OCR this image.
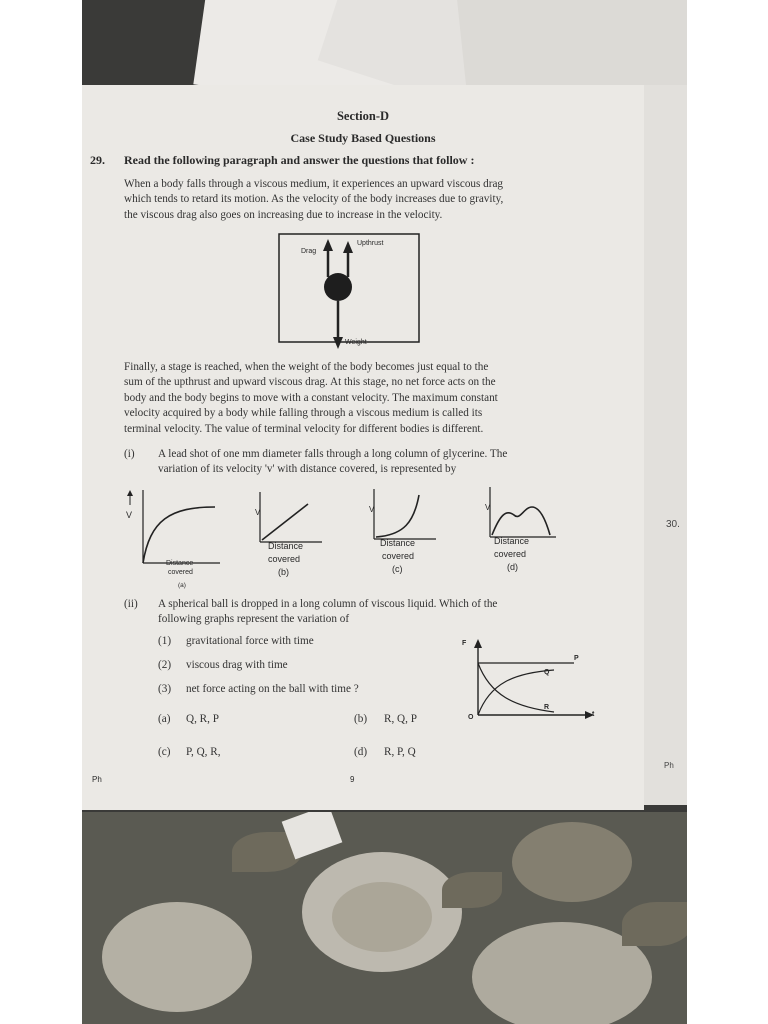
30.
Ph
Section-D
Case Study Based Questions
29. Read the following paragraph and answer the questions that follow :
When a body falls through a viscous medium, it experiences an upward viscous drag
which tends to retard its motion. As the velocity of the body increases due to gravity,
the viscous drag also goes on increasing due to increase in the velocity.
Drag
Upthrust
Weight
Finally, a stage is reached, when the weight of the body becomes just equal to the
sum of the upthrust and upward viscous drag. At this stage, no net force acts on the
body and the body begins to move with a constant velocity. The maximum constant
velocity acquired by a body while falling through a viscous medium is called its
terminal velocity. The value of terminal velocity for different bodies is different.
(i) A lead shot of one mm diameter falls through a long column of glycerine. The
variation of its velocity 'v' with distance covered, is represented by
V
Distance
covered
(a)
V
Distance
covered
(b)
V
Distance
covered
(c)
V
Distance
covered
(d)
(ii) A spherical ball is dropped in a long column of viscous liquid. Which of the
following graphs represent the variation of
(1) gravitational force with time
(2) viscous drag with time
(3) net force acting on the ball with time ?
F
t
O
P
Q
R
(a) Q, R, P	(b) R, Q, P
(c) P, Q, R,	(d) R, P, Q
Ph	9
